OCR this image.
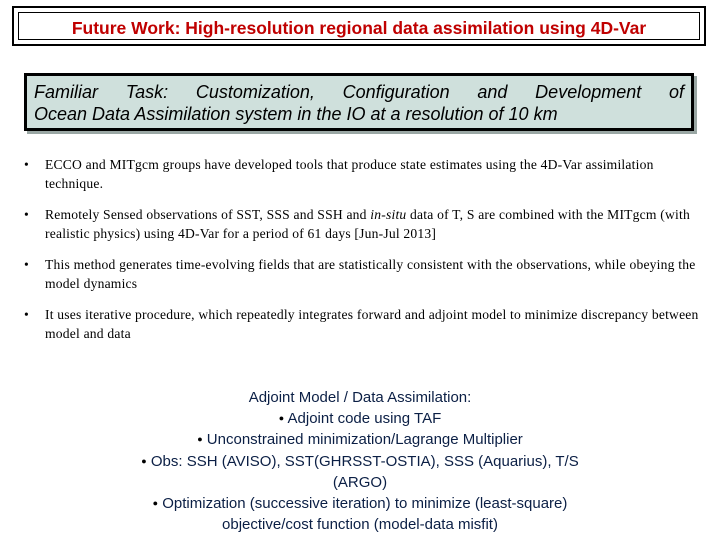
Future Work: High-resolution regional data assimilation using 4D-Var
Familiar Task: Customization, Configuration and Development of
Ocean Data Assimilation system in the IO at a resolution of 10 km
• ECCO and MITgcm groups have developed tools that produce state estimates using the 4D-Var assimilation technique.
• Remotely Sensed observations of SST, SSS and SSH and in-situ data of T, S are combined with the MITgcm (with realistic physics) using 4D-Var for a period of 61 days [Jun-Jul 2013]
• This method generates time-evolving fields that are statistically consistent with the observations, while obeying the model dynamics
• It uses iterative procedure, which repeatedly integrates forward and adjoint model to minimize discrepancy between model and data
Adjoint Model / Data Assimilation:
● Adjoint code using TAF
● Unconstrained minimization/Lagrange Multiplier
● Obs: SSH (AVISO), SST(GHRSST-OSTIA), SSS (Aquarius), T/S
(ARGO)
● Optimization (successive iteration) to minimize (least-square)
objective/cost function (model-data misfit)
